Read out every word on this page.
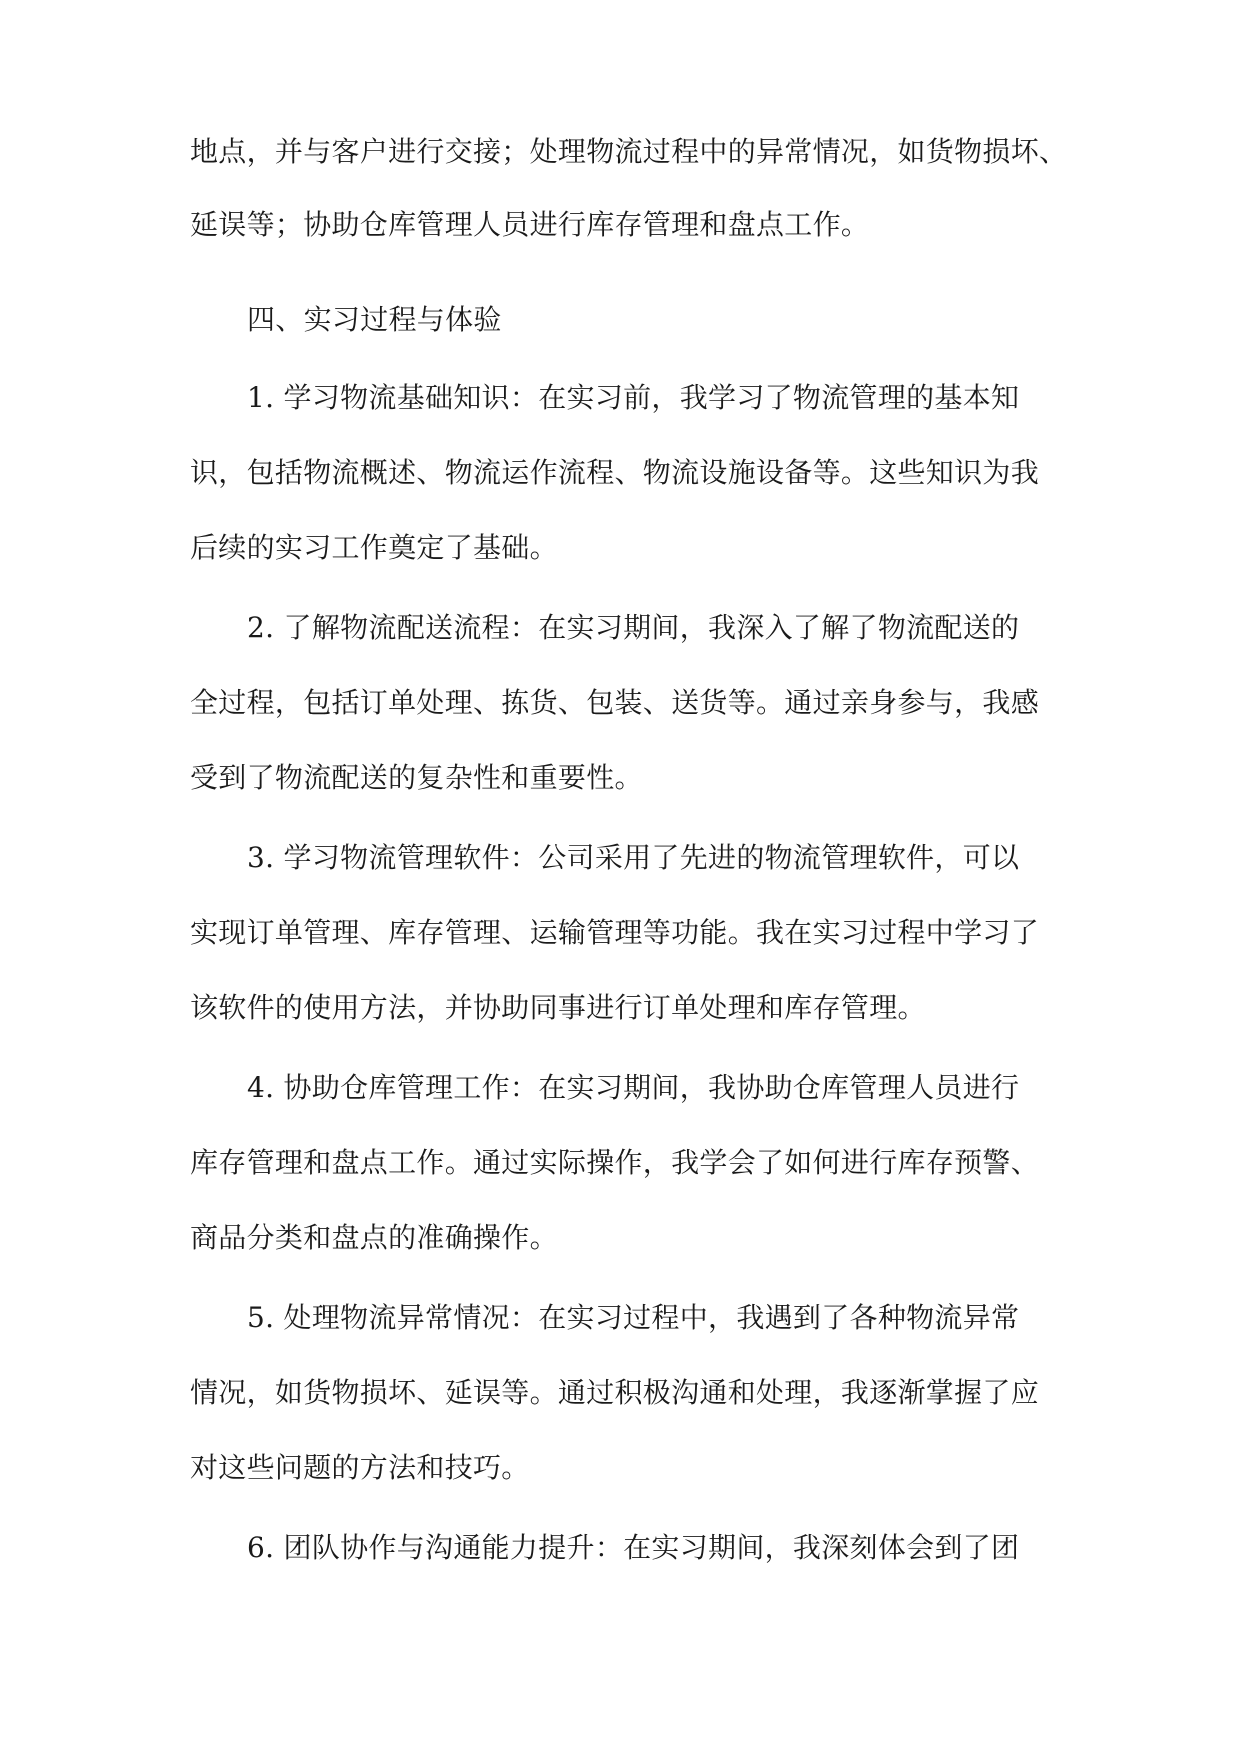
地点，并与客户进行交接；处理物流过程中的异常情况，如货物损坏、

延误等；协助仓库管理人员进行库存管理和盘点工作。

四、实习过程与体验

1. 学习物流基础知识：在实习前，我学习了物流管理的基本知

识，包括物流概述、物流运作流程、物流设施设备等。这些知识为我

后续的实习工作奠定了基础。

2. 了解物流配送流程：在实习期间，我深入了解了物流配送的

全过程，包括订单处理、拣货、包装、送货等。通过亲身参与，我感

受到了物流配送的复杂性和重要性。

3. 学习物流管理软件：公司采用了先进的物流管理软件，可以

实现订单管理、库存管理、运输管理等功能。我在实习过程中学习了

该软件的使用方法，并协助同事进行订单处理和库存管理。

4. 协助仓库管理工作：在实习期间，我协助仓库管理人员进行

库存管理和盘点工作。通过实际操作，我学会了如何进行库存预警、

商品分类和盘点的准确操作。

5. 处理物流异常情况：在实习过程中，我遇到了各种物流异常

情况，如货物损坏、延误等。通过积极沟通和处理，我逐渐掌握了应

对这些问题的方法和技巧。

6. 团队协作与沟通能力提升：在实习期间，我深刻体会到了团
